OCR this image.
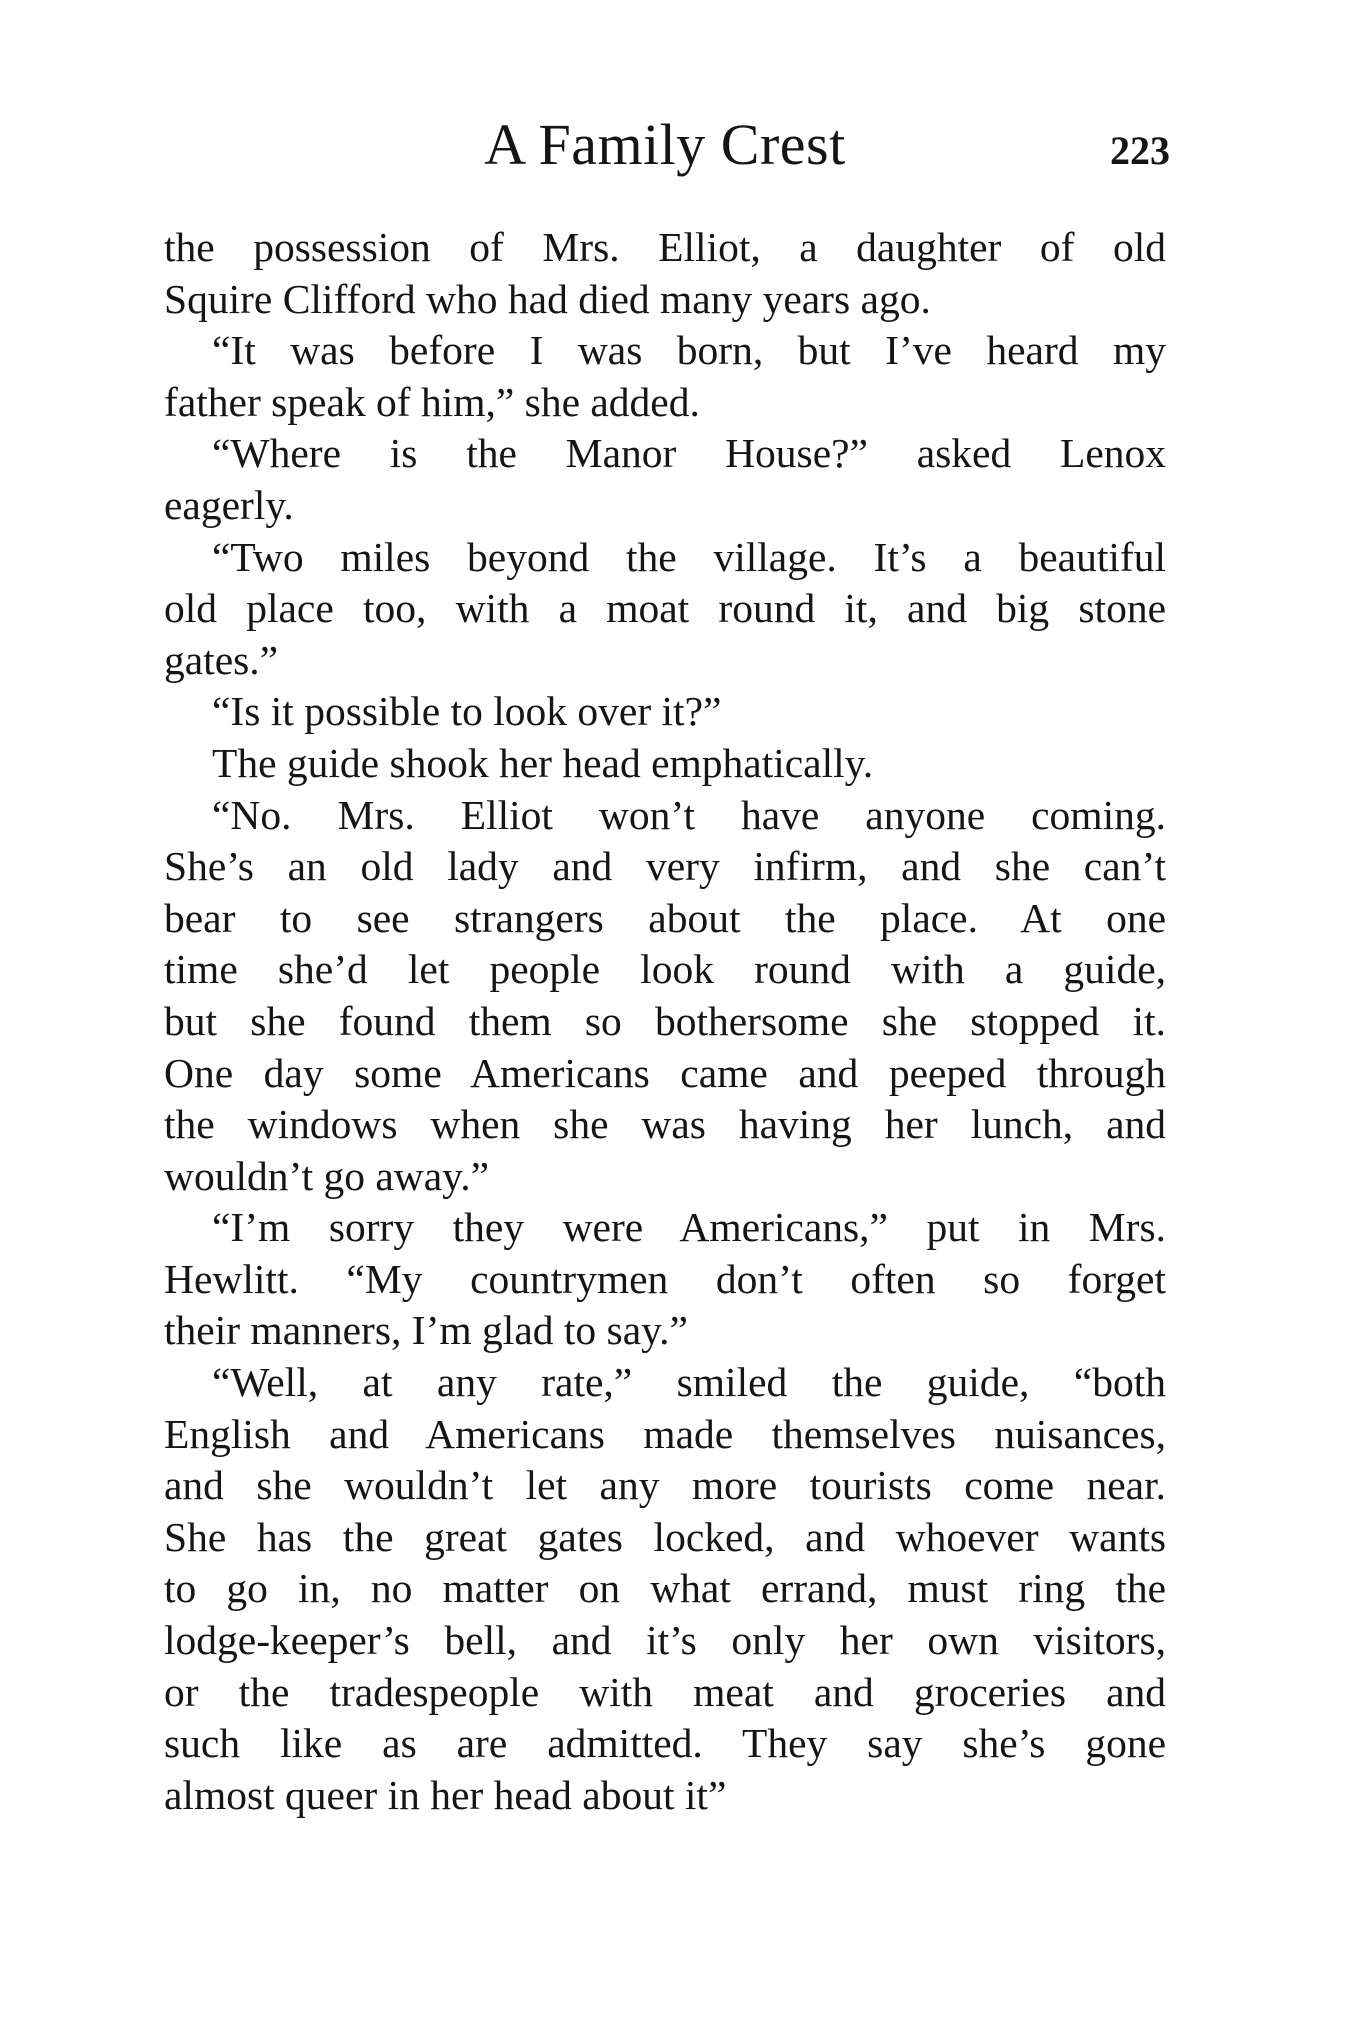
A Family Crest	223
the possession of Mrs. Elliot, a daughter of old
Squire Clifford who had died many years ago.
“It was before I was born, but I’ve heard my
father speak of him,” she added.
“Where is the Manor House?” asked Lenox
eagerly.
“Two miles beyond the village. It’s a beautiful
old place too, with a moat round it, and big stone
gates.”
“Is it possible to look over it?”
The guide shook her head emphatically.
“No. Mrs. Elliot won’t have anyone coming.
She’s an old lady and very infirm, and she can’t
bear to see strangers about the place. At one
time she’d let people look round with a guide,
but she found them so bothersome she stopped it.
One day some Americans came and peeped through
the windows when she was having her lunch, and
wouldn’t go away.”
“I’m sorry they were Americans,” put in Mrs.
Hewlitt. “My countrymen don’t often so forget
their manners, I’m glad to say.”
“Well, at any rate,” smiled the guide, “both
English and Americans made themselves nuisances,
and she wouldn’t let any more tourists come near.
She has the great gates locked, and whoever wants
to go in, no matter on what errand, must ring the
lodge-keeper’s bell, and it’s only her own visitors,
or the tradespeople with meat and groceries and
such like as are admitted. They say she’s gone
almost queer in her head about it”
